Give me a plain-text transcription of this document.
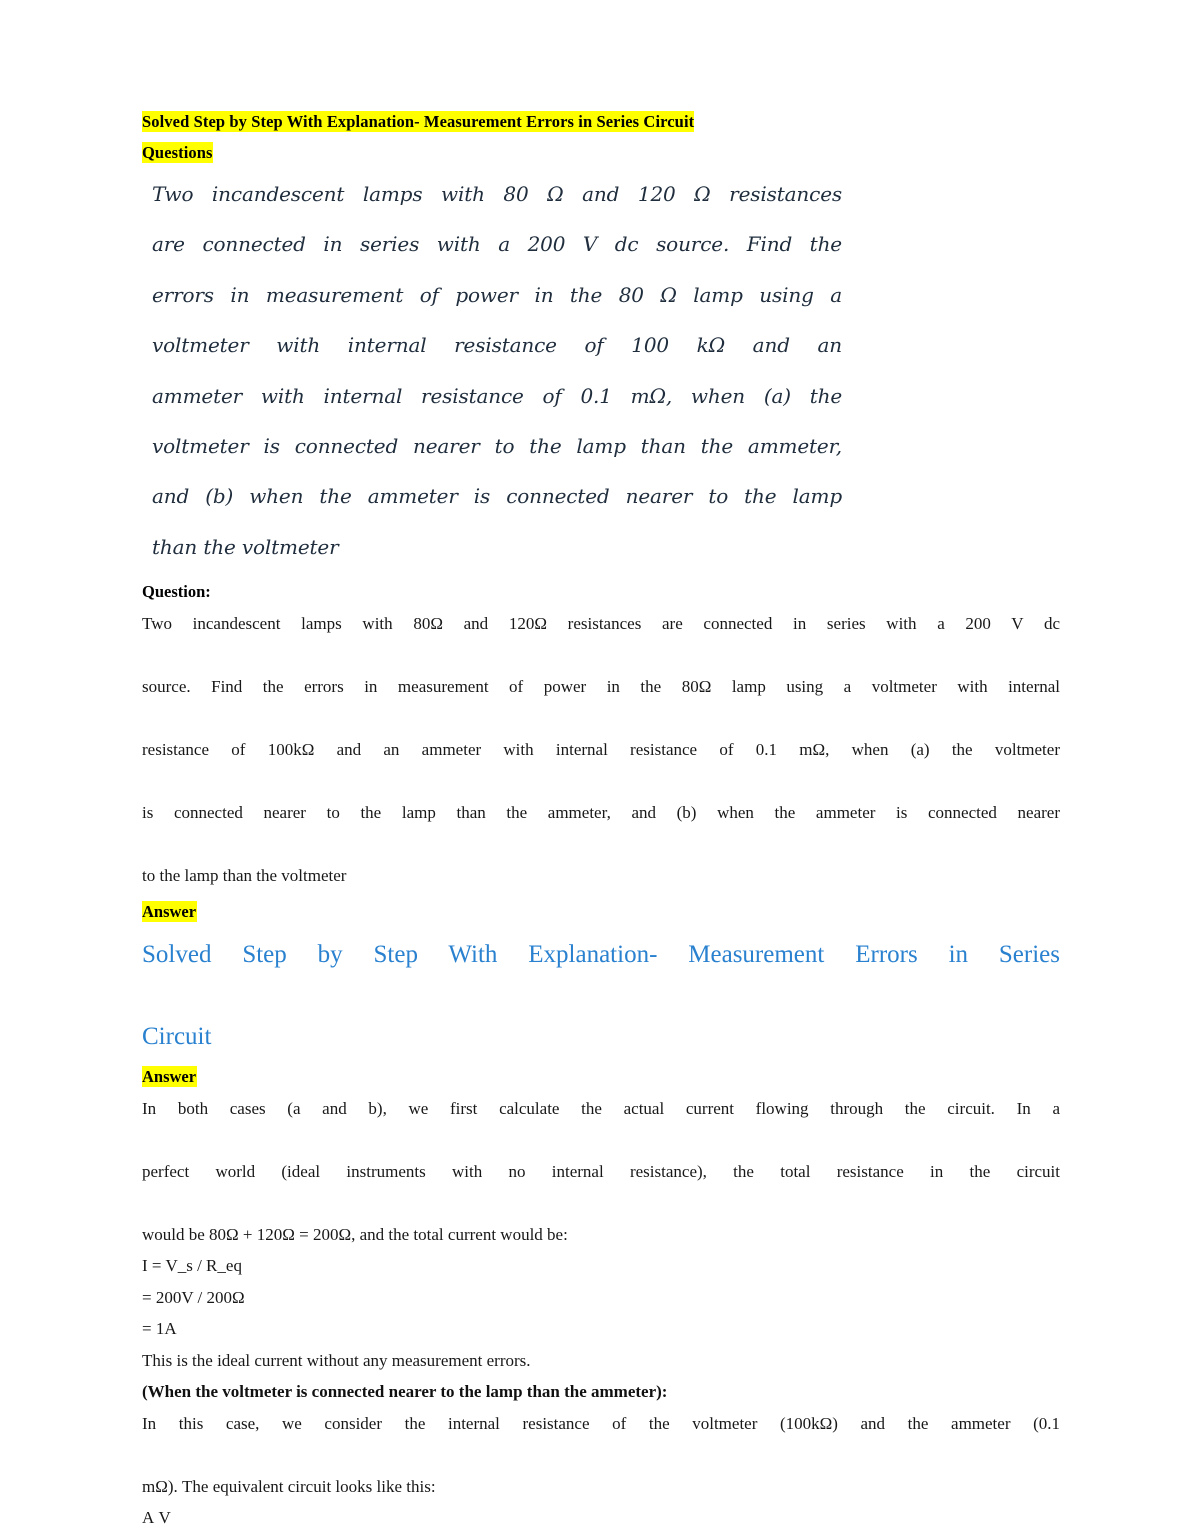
Solved Step by Step With Explanation- Measurement Errors in Series Circuit
Questions
Two incandescent lamps with 80 Ω and 120 Ω resistances
are connected in series with a 200 V dc source. Find the
errors in measurement of power in the 80 Ω lamp using a
voltmeter with internal resistance of 100 kΩ and an
ammeter with internal resistance of 0.1 mΩ, when (a) the
voltmeter is connected nearer to the lamp than the ammeter,
and (b) when the ammeter is connected nearer to the lamp
than the voltmeter
Question:
Two incandescent lamps with 80Ω and 120Ω resistances are connected in series with a 200 V dc
source. Find the errors in measurement of power in the 80Ω lamp using a voltmeter with internal
resistance of 100kΩ and an ammeter with internal resistance of 0.1 mΩ, when (a) the voltmeter
is connected nearer to the lamp than the ammeter, and (b) when the ammeter is connected nearer
to the lamp than the voltmeter
Answer
Solved Step by Step With Explanation- Measurement Errors in Series
Circuit
Answer
In both cases (a and b), we first calculate the actual current flowing through the circuit. In a
perfect world (ideal instruments with no internal resistance), the total resistance in the circuit
would be 80Ω + 120Ω = 200Ω, and the total current would be:
I = V_s / R_eq
= 200V / 200Ω
= 1A
This is the ideal current without any measurement errors.
(When the voltmeter is connected nearer to the lamp than the ammeter):
In this case, we consider the internal resistance of the voltmeter (100kΩ) and the ammeter (0.1
mΩ). The equivalent circuit looks like this:
A V
